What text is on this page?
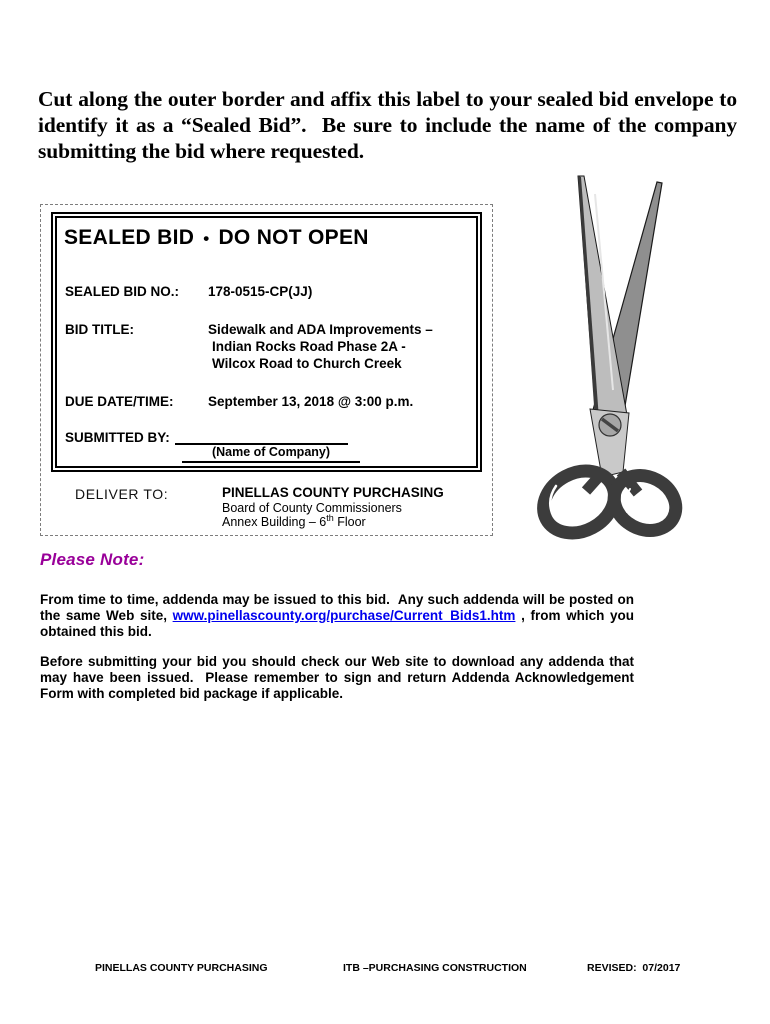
Cut along the outer border and affix this label to your sealed bid envelope to identify it as a “Sealed Bid”.  Be sure to include the name of the company submitting the bid where requested.
SEALED BID • DO NOT OPEN
SEALED BID NO.:	178-0515-CP(JJ)
BID TITLE:	Sidewalk and ADA Improvements –
Indian Rocks Road Phase 2A -
Wilcox Road to Church Creek
DUE DATE/TIME:	September 13, 2018 @ 3:00 p.m.
SUBMITTED BY:
(Name of Company)
DELIVER TO:	PINELLAS COUNTY PURCHASING
Board of County Commissioners
Annex Building – 6th Floor
Please Note:
From time to time, addenda may be issued to this bid.  Any such addenda will be posted on the same Web site, www.pinellascounty.org/purchase/Current_Bids1.htm , from which you obtained this bid.
Before submitting your bid you should check our Web site to download any addenda that may have been issued.  Please remember to sign and return Addenda Acknowledgement Form with completed bid package if applicable.
PINELLAS COUNTY PURCHASING	ITB –PURCHASING CONSTRUCTION	REVISED:  07/2017
